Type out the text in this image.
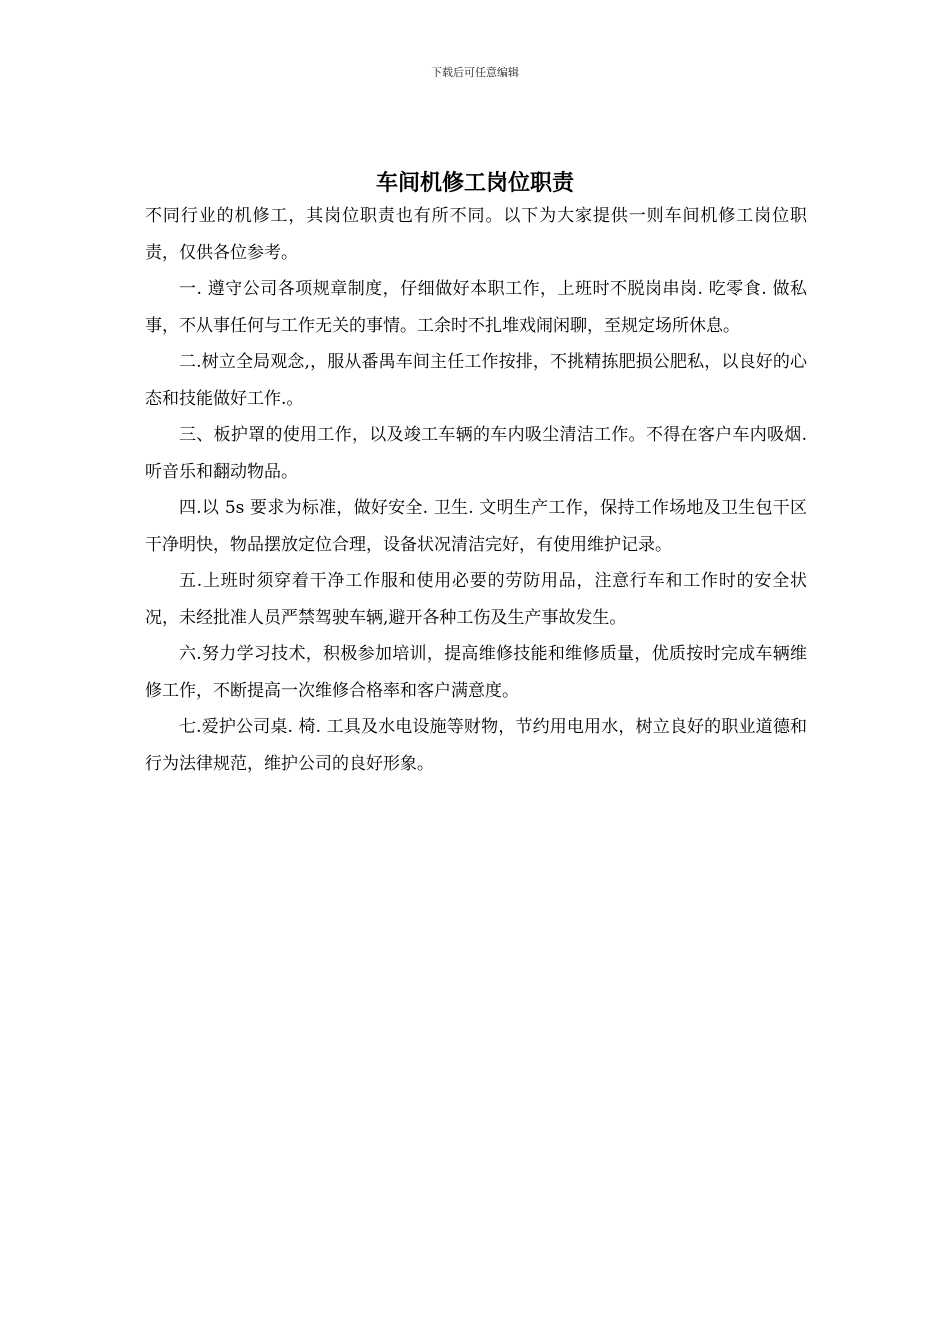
下载后可任意编辑
车间机修工岗位职责

不同行业的机修工，其岗位职责也有所不同。以下为大家提供一则车间机修工岗位职责，仅供各位参考。

一. 遵守公司各项规章制度，仔细做好本职工作，上班时不脱岗串岗. 吃零食. 做私事，不从事任何与工作无关的事情。工余时不扎堆戏闹闲聊，至规定场所休息。

二.树立全局观念,，服从番禺车间主任工作按排，不挑精拣肥损公肥私，以良好的心态和技能做好工作.。

三、板护罩的使用工作，以及竣工车辆的车内吸尘清洁工作。不得在客户车内吸烟. 听音乐和翻动物品。

四.以 5s 要求为标准，做好安全. 卫生. 文明生产工作，保持工作场地及卫生包干区干净明快，物品摆放定位合理，设备状况清洁完好，有使用维护记录。

五.上班时须穿着干净工作服和使用必要的劳防用品，注意行车和工作时的安全状况，未经批准人员严禁驾驶车辆,避开各种工伤及生产事故发生。

六.努力学习技术，积极参加培训，提高维修技能和维修质量，优质按时完成车辆维修工作，不断提高一次维修合格率和客户满意度。

七.爱护公司桌. 椅. 工具及水电设施等财物，节约用电用水，树立良好的职业道德和行为法律规范，维护公司的良好形象。
